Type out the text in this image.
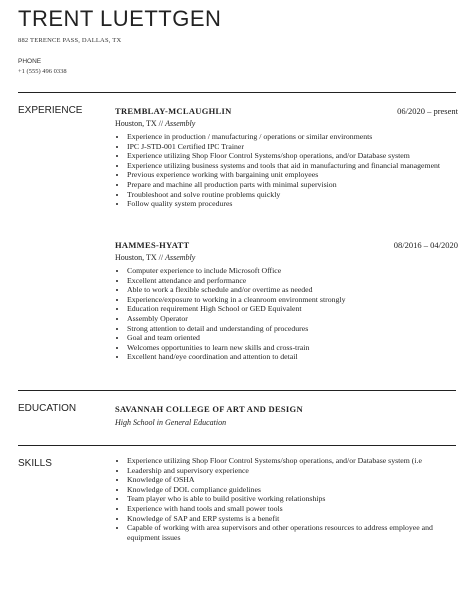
TRENT LUETTGEN
882 TERENCE PASS, DALLAS, TX
PHONE
+1 (555) 496 0338
EXPERIENCE	TREMBLAY-MCLAUGHLIN	06/2020 – present
Houston, TX // Assembly
• Experience in production / manufacturing / operations or similar environments
• IPC J-STD-001 Certified IPC Trainer
• Experience utilizing Shop Floor Control Systems/shop operations, and/or Database system
• Experience utilizing business systems and tools that aid in manufacturing and financial management
• Previous experience working with bargaining unit employees
• Prepare and machine all production parts with minimal supervision
• Troubleshoot and solve routine problems quickly
• Follow quality system procedures
HAMMES-HYATT	08/2016 – 04/2020
Houston, TX // Assembly
• Computer experience to include Microsoft Office
• Excellent attendance and performance
• Able to work a flexible schedule and/or overtime as needed
• Experience/exposure to working in a cleanroom environment strongly
• Education requirement High School or GED Equivalent
• Assembly Operator
• Strong attention to detail and understanding of procedures
• Goal and team oriented
• Welcomes opportunities to learn new skills and cross-train
• Excellent hand/eye coordination and attention to detail
EDUCATION	SAVANNAH COLLEGE OF ART AND DESIGN
High School in General Education
SKILLS
•	Experience utilizing Shop Floor Control Systems/shop operations, and/or Database system (i.e
• Leadership and supervisory experience
• Knowledge of OSHA
• Knowledge of DOL compliance guidelines
• Team player who is able to build positive working relationships
• Experience with hand tools and small power tools
• Knowledge of SAP and ERP systems is a benefit
• Capable of working with area supervisors and other operations resources to address employee and equipment issues
